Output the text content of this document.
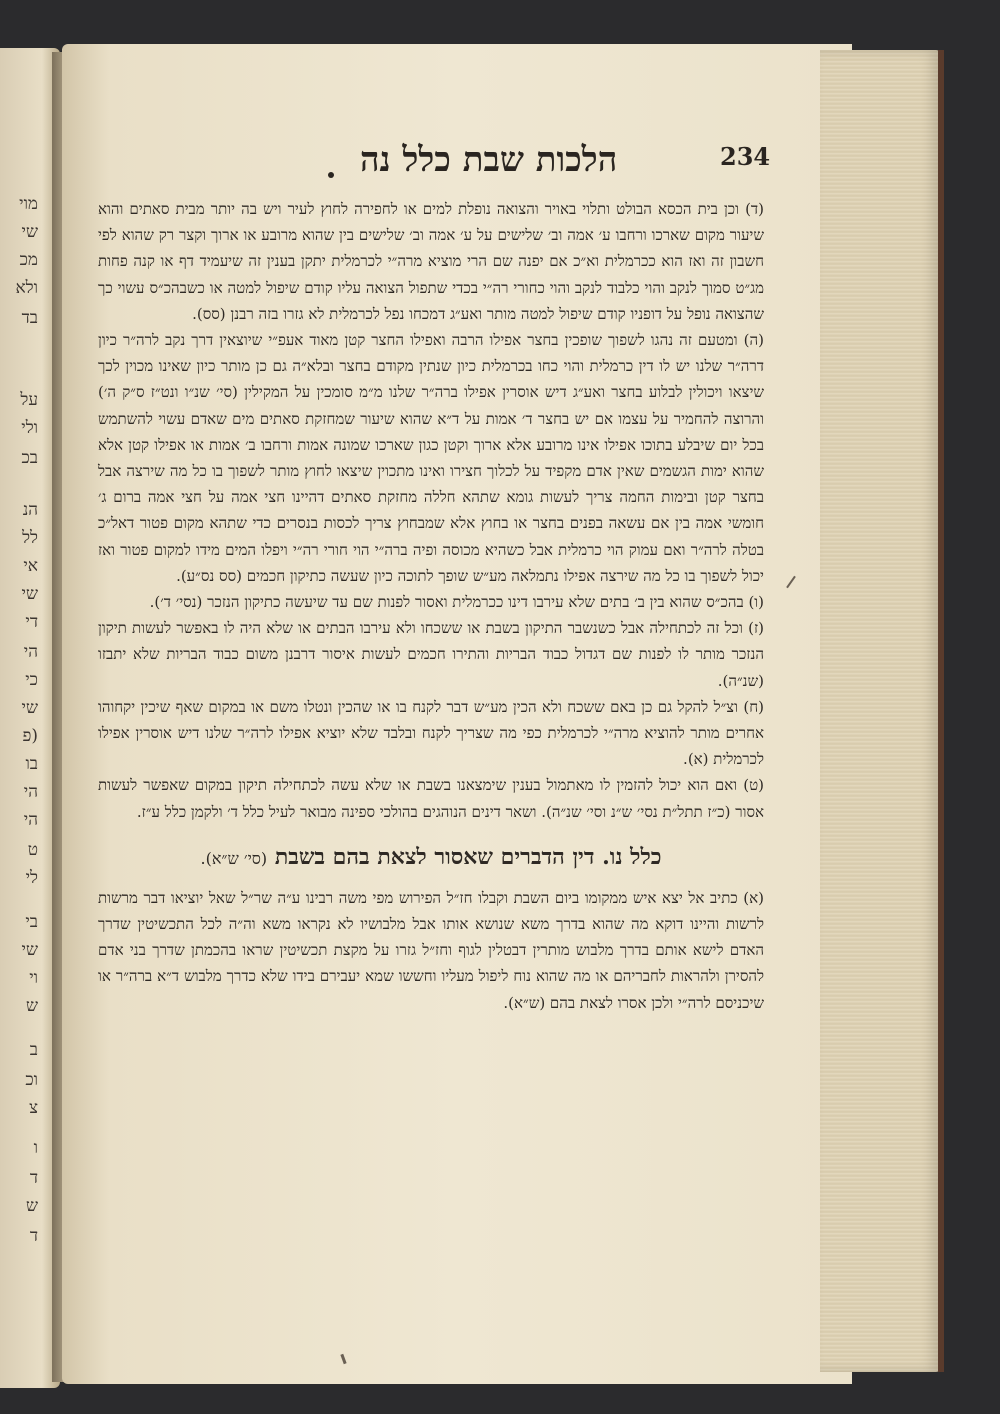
מוי
שי
מכ
ולא
בד
על
ולי
בכ
הנ
לל
אי
שי
די
הי
כי
שי
(פ
בו
הי
הי
ט
לי
בי
שי
וי
ש
ב
וכ
צ
ו
ד
ש
ד
234
הלכות שבת כלל נה

(ד) וכן בית הכסא הבולט ותלוי באויר והצואה נופלת למים או לחפירה לחוץ לעיר ויש בה יותר מבית סאתים והוא שיעור מקום שארכו ורחבו ע׳ אמה וב׳ שלישים על ע׳ אמה וב׳ שלישים בין שהוא מרובע או ארוך וקצר רק שהוא לפי חשבון זה ואז הוא ככרמלית וא״כ אם יפנה שם הרי מוציא מרה״י לכרמלית יתקן בענין זה שיעמיד דף או קנה פחות מג״ט סמוך לנקב והוי כלבוד לנקב והוי כחורי רה״י בכדי שתפול הצואה עליו קודם שיפול למטה או כשבהכ״ס עשוי כך שהצואה נופל על דופניו קודם שיפול למטה מותר ואע״ג דמכחו נפל לכרמלית לא גזרו בזה רבנן (סס).

(ה) ומטעם זה נהגו לשפוך שופכין בחצר אפילו הרבה ואפילו החצר קטן מאוד אעפ״י שיוצאין דרך נקב לרה״ר כיון דרה״ר שלנו יש לו דין כרמלית והוי כחו בכרמלית כיון שנתין מקודם בחצר ובלא״ה גם כן מותר כיון שאינו מכוין לכך שיצאו ויכולין לבלוע בחצר ואע״ג דיש אוסרין אפילו ברה״ר שלנו מ״מ סומכין על המקילין (סי׳ שנ״ו ונט״ז ס״ק ה׳) והרוצה להחמיר על עצמו אם יש בחצר ד׳ אמות על ד״א שהוא שיעור שמחזקת סאתים מים שאדם עשוי להשתמש בכל יום שיבלע בתוכו אפילו אינו מרובע אלא ארוך וקטן כגון שארכו שמונה אמות ורחבו ב׳ אמות או אפילו קטן אלא שהוא ימות הגשמים שאין אדם מקפיד על לכלוך חצירו ואינו מתכוין שיצאו לחוץ מותר לשפוך בו כל מה שירצה אבל בחצר קטן ובימות החמה צריך לעשות גומא שתהא חללה מחזקת סאתים דהיינו חצי אמה על חצי אמה ברום ג׳ חומשי אמה בין אם עשאה בפנים בחצר או בחוץ אלא שמבחוץ צריך לכסות בנסרים כדי שתהא מקום פטור דאל״כ בטלה לרה״ר ואם עמוק הוי כרמלית אבל כשהיא מכוסה ופיה ברה״י הוי חורי רה״י ויפלו המים מידו למקום פטור ואז יכול לשפוך בו כל מה שירצה אפילו נתמלאה מע״ש שופך לתוכה כיון שעשה כתיקון חכמים (סס נס״ע).

(ו) בהכ״ס שהוא בין ב׳ בתים שלא עירבו דינו ככרמלית ואסור לפנות שם עד שיעשה כתיקון הנזכר (נסי׳ ד׳).

(ז) וכל זה לכתחילה אבל כשנשבר התיקון בשבת או ששכחו ולא עירבו הבתים או שלא היה לו באפשר לעשות תיקון הנזכר מותר לו לפנות שם דגדול כבוד הבריות והתירו חכמים לעשות איסור דרבנן משום כבוד הבריות שלא יתבזו (שנ״ה).

(ח) וצ״ל להקל גם כן באם ששכח ולא הכין מע״ש דבר לקנח בו או שהכין ונטלו משם או במקום שאף שיכין יקחוהו אחרים מותר להוציא מרה״י לכרמלית כפי מה שצריך לקנח ובלבד שלא יוציא אפילו לרה״ר שלנו דיש אוסרין אפילו לכרמלית (א).

(ט) ואם הוא יכול להזמין לו מאתמול בענין שימצאנו בשבת או שלא עשה לכתחילה תיקון במקום שאפשר לעשות אסור (כ״ז תתל״ת נסי׳ ש״נ וסי׳ שנ״ה). ושאר דינים הנוהגים בהולכי ספינה מבואר לעיל כלל ד׳ ולקמן כלל ע״ז.

כלל נו. דין הדברים שאסור לצאת בהם בשבת (סי׳ ש״א).

(א) כתיב אל יצא איש ממקומו ביום השבת וקבלו חז״ל הפירוש מפי משה רבינו ע״ה שר״ל שאל יוציאו דבר מרשות לרשות והיינו דוקא מה שהוא בדרך משא שנושא אותו אבל מלבושיו לא נקראו משא וה״ה לכל התכשיטין שדרך האדם לישא אותם בדרך מלבוש מותרין דבטלין לגוף וחז״ל גזרו על מקצת תכשיטין שראו בהכמתן שדרך בני אדם להסירן ולהראות לחבריהם או מה שהוא נוח ליפול מעליו וחששו שמא יעבירם בידו שלא כדרך מלבוש ד״א ברה״ר או שיכניסם לרה״י ולכן אסרו לצאת בהם (ש״א).
